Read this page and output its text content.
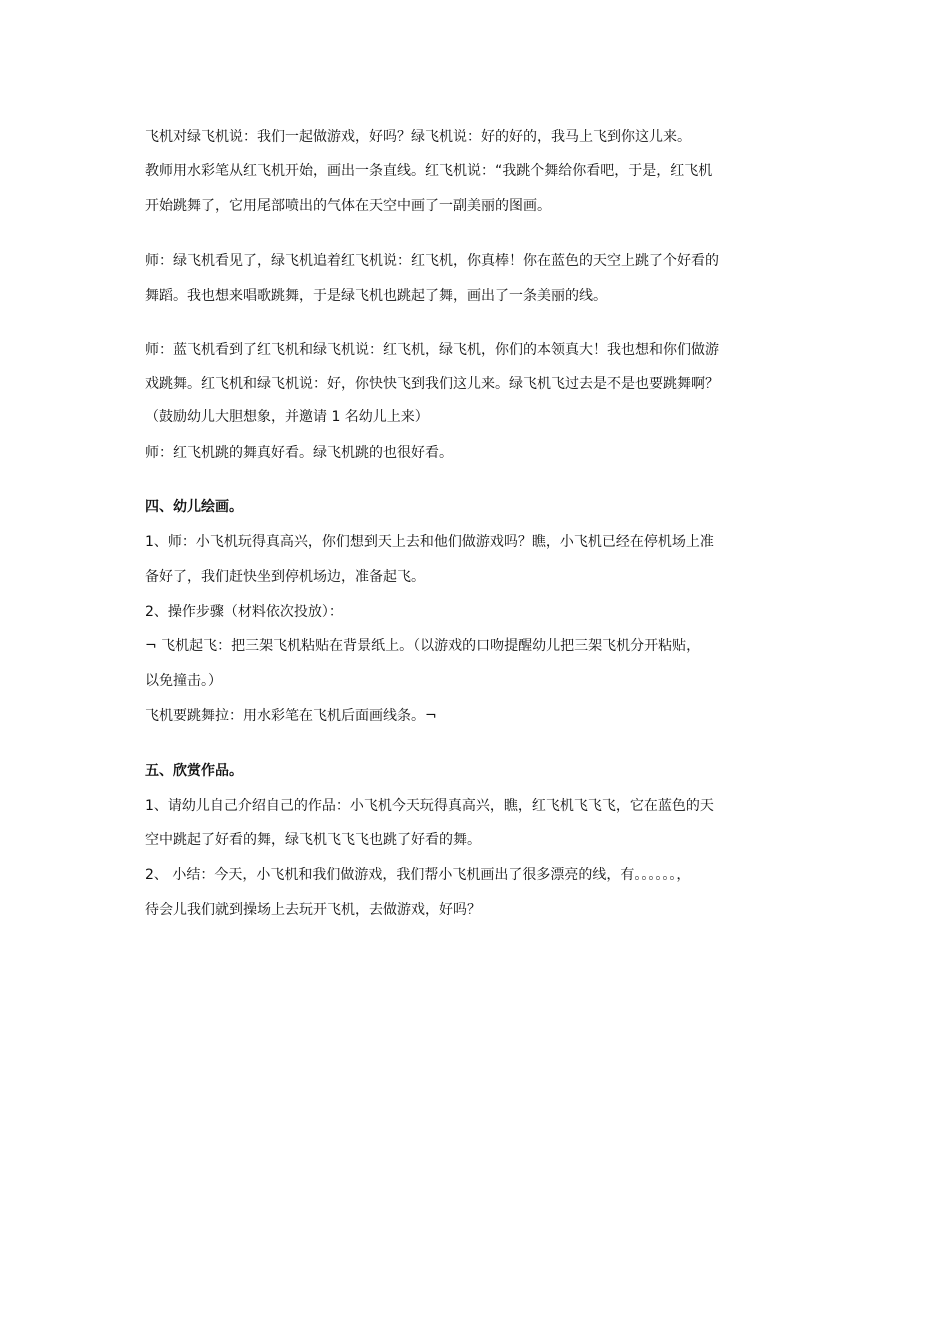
飞机对绿飞机说：我们一起做游戏，好吗？绿飞机说：好的好的，我马上飞到你这儿来。
教师用水彩笔从红飞机开始，画出一条直线。红飞机说：“我跳个舞给你看吧，于是，红飞机
开始跳舞了，它用尾部喷出的气体在天空中画了一副美丽的图画。
师：绿飞机看见了，绿飞机追着红飞机说：红飞机，你真棒！你在蓝色的天空上跳了个好看的
舞蹈。我也想来唱歌跳舞，于是绿飞机也跳起了舞，画出了一条美丽的线。
师：蓝飞机看到了红飞机和绿飞机说：红飞机，绿飞机，你们的本领真大！我也想和你们做游
戏跳舞。红飞机和绿飞机说：好，你快快飞到我们这儿来。绿飞机飞过去是不是也要跳舞啊？
（鼓励幼儿大胆想象，并邀请 1 名幼儿上来）
师：红飞机跳的舞真好看。绿飞机跳的也很好看。
四、幼儿绘画。
1、师：小飞机玩得真高兴，你们想到天上去和他们做游戏吗？瞧，小飞机已经在停机场上准
备好了，我们赶快坐到停机场边，准备起飞。
2、操作步骤（材料依次投放）：
¬ 飞机起飞：把三架飞机粘贴在背景纸上。（以游戏的口吻提醒幼儿把三架飞机分开粘贴，
以免撞击。）
飞机要跳舞拉：用水彩笔在飞机后面画线条。¬
五、欣赏作品。
1、请幼儿自己介绍自己的作品：小飞机今天玩得真高兴，瞧，红飞机飞飞飞，它在蓝色的天
空中跳起了好看的舞，绿飞机飞飞飞也跳了好看的舞。
2、 小结：今天，小飞机和我们做游戏，我们帮小飞机画出了很多漂亮的线，有。。。。。。，
待会儿我们就到操场上去玩开飞机，去做游戏，好吗？
